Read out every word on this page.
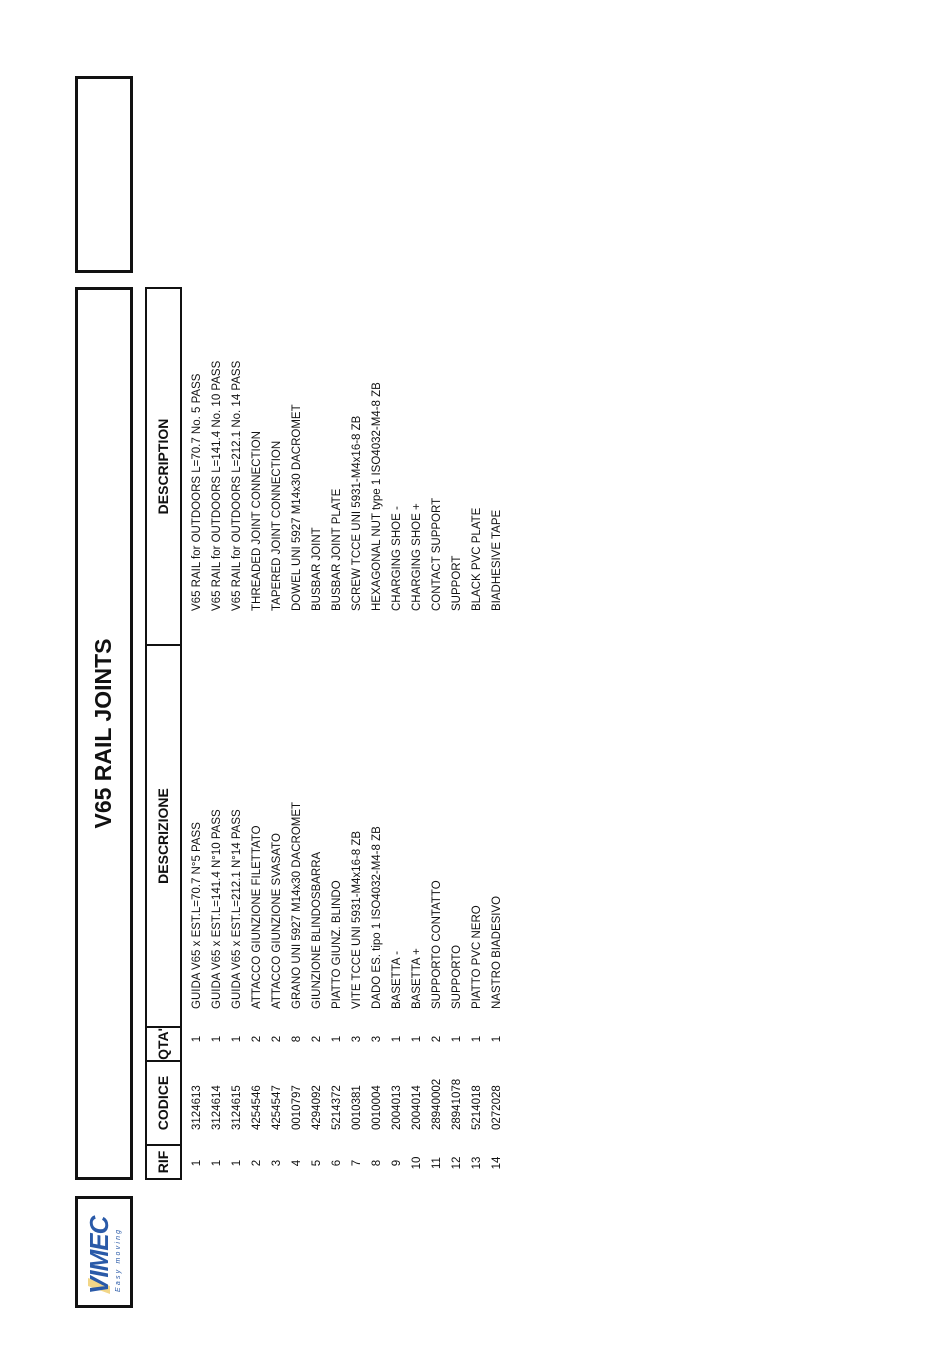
VIMEC Easy moving
V65 RAIL JOINTS
RIF
CODICE
QTA'
DESCRIZIONE
DESCRIPTION
1
3124613
1
GUIDA V65 x EST.L=70.7 N°5 PASS
V65 RAIL for OUTDOORS L=70.7 No. 5 PASS
1
3124614
1
GUIDA V65 x EST.L=141.4 N°10 PASS
V65 RAIL for OUTDOORS L=141.4 No. 10 PASS
1
3124615
1
GUIDA V65 x EST.L=212.1 N°14 PASS
V65 RAIL for OUTDOORS L=212.1 No. 14 PASS
2
4254546
2
ATTACCO GIUNZIONE FILETTATO
THREADED JOINT CONNECTION
3
4254547
2
ATTACCO GIUNZIONE SVASATO
TAPERED JOINT CONNECTION
4
0010797
8
GRANO UNI 5927 M14x30 DACROMET
DOWEL UNI 5927 M14x30 DACROMET
5
4294092
2
GIUNZIONE BLINDOSBARRA
BUSBAR JOINT
6
5214372
1
PIATTO GIUNZ. BLINDO
BUSBAR JOINT PLATE
7
0010381
3
VITE TCCE UNI 5931-M4x16-8 ZB
SCREW TCCE UNI 5931-M4x16-8 ZB
8
0010004
3
DADO ES. tipo 1 ISO4032-M4-8 ZB
HEXAGONAL NUT type 1 ISO4032-M4-8 ZB
9
2004013
1
BASETTA -
CHARGING SHOE -
10
2004014
1
BASETTA +
CHARGING SHOE +
11
28940002
2
SUPPORTO CONTATTO
CONTACT SUPPORT
12
28941078
1
SUPPORTO
SUPPORT
13
5214018
1
PIATTO PVC NERO
BLACK PVC PLATE
14
0272028
1
NASTRO BIADESIVO
BIADHESIVE TAPE
